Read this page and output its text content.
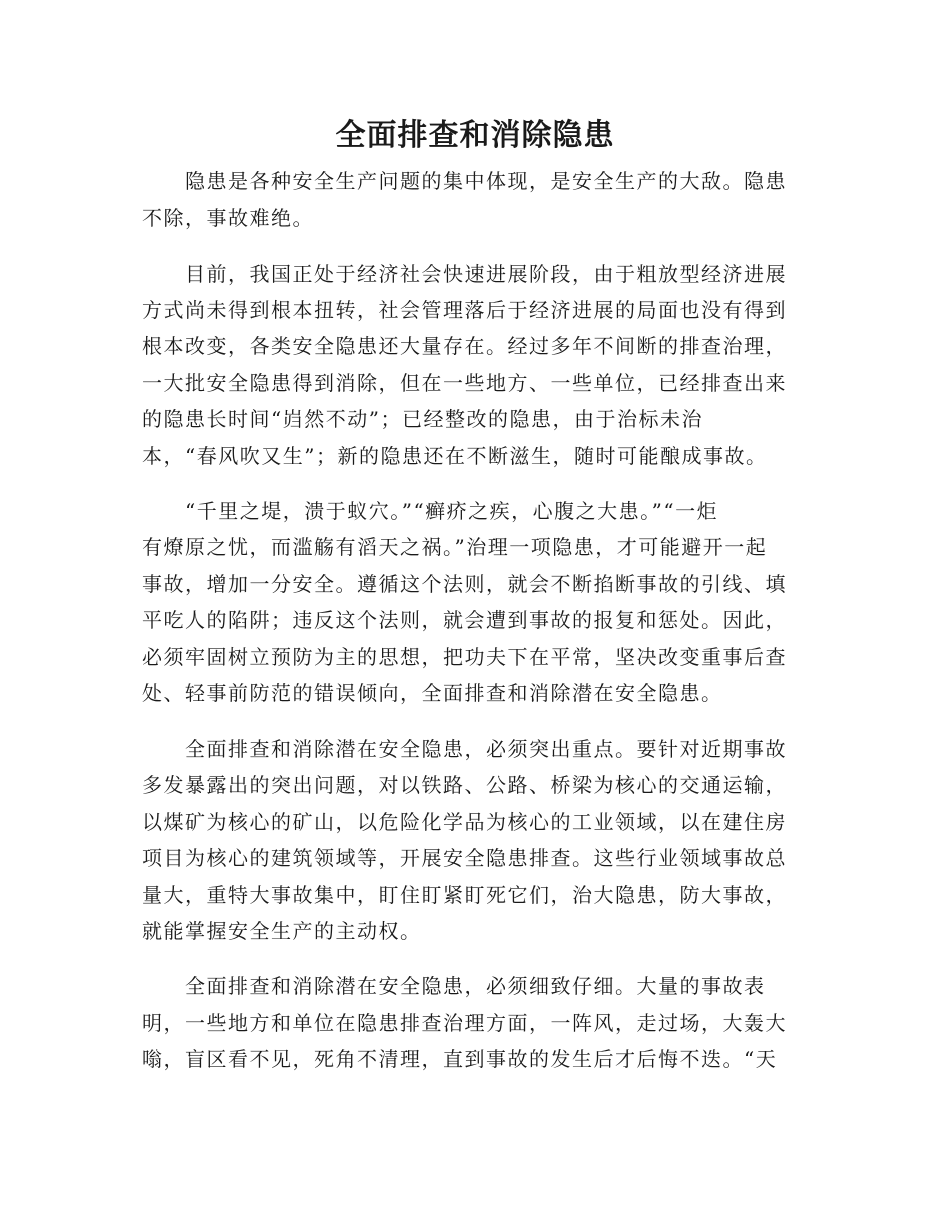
全面排查和消除隐患
　　隐患是各种安全生产问题的集中体现，是安全生产的大敌。隐患
不除，事故难绝。
　　目前，我国正处于经济社会快速进展阶段，由于粗放型经济进展
方式尚未得到根本扭转，社会管理落后于经济进展的局面也没有得到
根本改变，各类安全隐患还大量存在。经过多年不间断的排查治理，
一大批安全隐患得到消除，但在一些地方、一些单位，已经排查出来
的隐患长时间“岿然不动”；已经整改的隐患，由于治标未治
本，“春风吹又生”；新的隐患还在不断滋生，随时可能酿成事故。
　　“千里之堤，溃于蚁穴。”“癣疥之疾，心腹之大患。”“一炬
有燎原之忧，而滥觞有滔天之祸。”治理一项隐患，才可能避开一起
事故，增加一分安全。遵循这个法则，就会不断掐断事故的引线、填
平吃人的陷阱；违反这个法则，就会遭到事故的报复和惩处。因此，
必须牢固树立预防为主的思想，把功夫下在平常，坚决改变重事后查
处、轻事前防范的错误倾向，全面排查和消除潜在安全隐患。
　　全面排查和消除潜在安全隐患，必须突出重点。要针对近期事故
多发暴露出的突出问题，对以铁路、公路、桥梁为核心的交通运输，
以煤矿为核心的矿山，以危险化学品为核心的工业领域，以在建住房
项目为核心的建筑领域等，开展安全隐患排查。这些行业领域事故总
量大，重特大事故集中，盯住盯紧盯死它们，治大隐患，防大事故，
就能掌握安全生产的主动权。
　　全面排查和消除潜在安全隐患，必须细致仔细。大量的事故表
明，一些地方和单位在隐患排查治理方面，一阵风，走过场，大轰大
嗡，盲区看不见，死角不清理，直到事故的发生后才后悔不迭。“天
